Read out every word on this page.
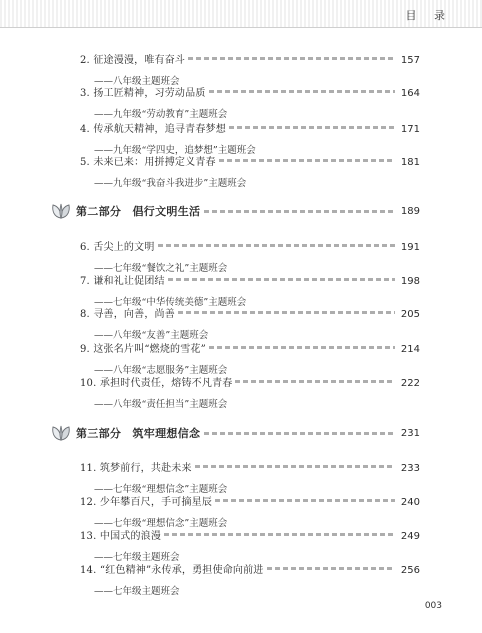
目 录
2. 征途漫漫，唯有奋斗	157
——八年级主题班会
3. 扬工匠精神，习劳动品质	164
——九年级“劳动教育”主题班会
4. 传承航天精神，追寻青春梦想	171
——九年级“学四史，追梦想”主题班会
5. 未来已来：用拼搏定义青春	181
——九年级“我奋斗我进步”主题班会
第二部分　倡行文明生活	189
6. 舌尖上的文明	191
——七年级“餐饮之礼”主题班会
7. 谦和礼让促团结	198
——七年级“中华传统美德”主题班会
8. 寻善，向善，尚善	205
——八年级“友善”主题班会
9. 这张名片叫“燃烧的雪花”	214
——八年级“志愿服务”主题班会
10. 承担时代责任，熔铸不凡青春	222
——八年级“责任担当”主题班会
第三部分　筑牢理想信念	231
11. 筑梦前行，共赴未来	233
——七年级“理想信念”主题班会
12. 少年攀百尺，手可摘星辰	240
——七年级“理想信念”主题班会
13. 中国式的浪漫	249
——七年级主题班会
14. “红色精神”永传承，勇担使命向前进	256
——七年级主题班会
003
